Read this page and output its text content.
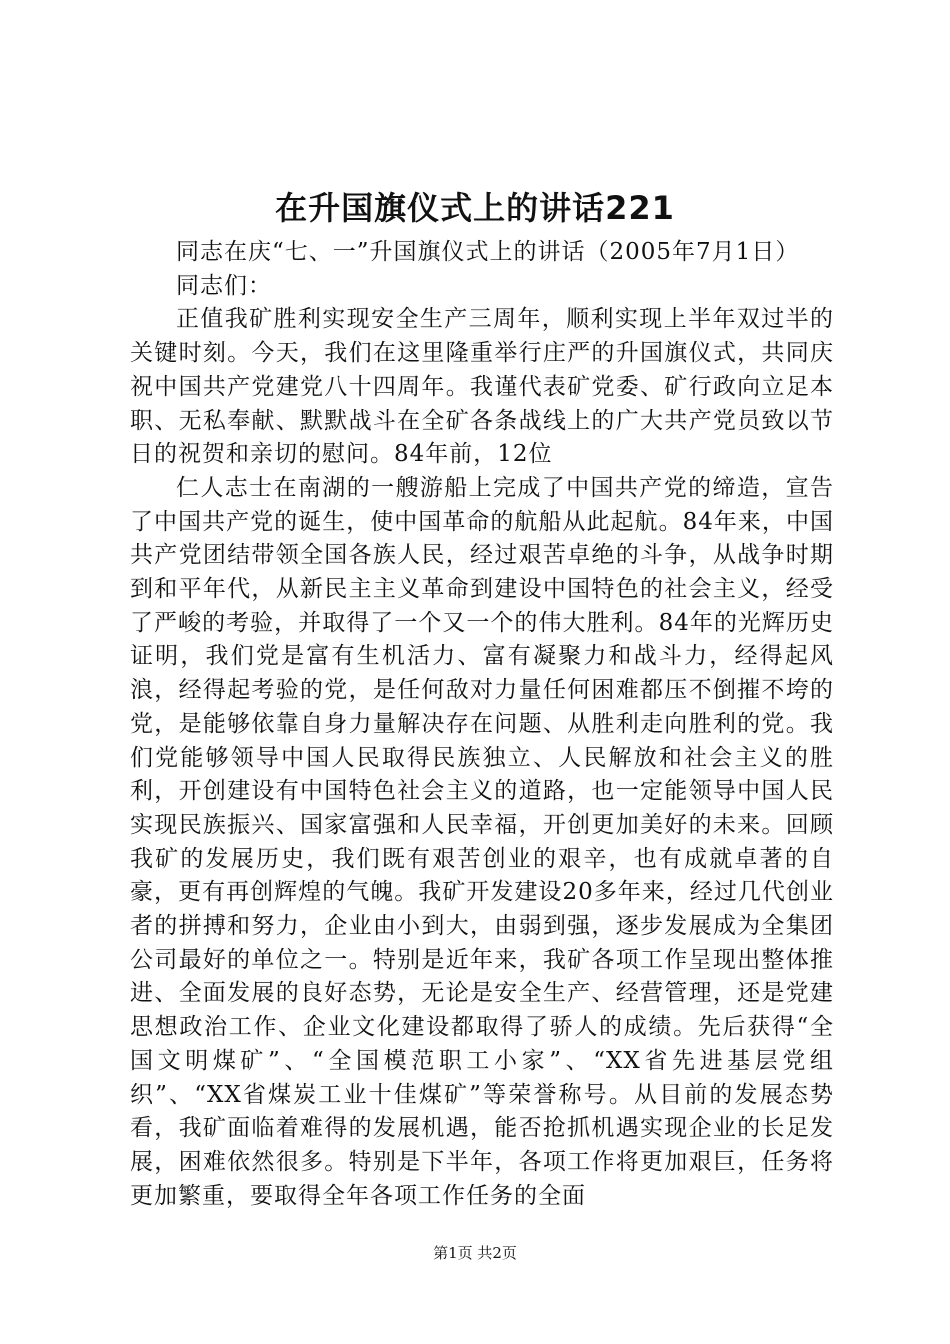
在升国旗仪式上的讲话221

同志在庆“七、一”升国旗仪式上的讲话（2005年7月1日）

同志们：

正值我矿胜利实现安全生产三周年，顺利实现上半年双过半的关键时刻。今天，我们在这里隆重举行庄严的升国旗仪式，共同庆祝中国共产党建党八十四周年。我谨代表矿党委、矿行政向立足本职、无私奉献、默默战斗在全矿各条战线上的广大共产党员致以节日的祝贺和亲切的慰问。84年前，12位

仁人志士在南湖的一艘游船上完成了中国共产党的缔造，宣告了中国共产党的诞生，使中国革命的航船从此起航。84年来，中国共产党团结带领全国各族人民，经过艰苦卓绝的斗争，从战争时期到和平年代，从新民主主义革命到建设中国特色的社会主义，经受了严峻的考验，并取得了一个又一个的伟大胜利。84年的光辉历史证明，我们党是富有生机活力、富有凝聚力和战斗力，经得起风浪，经得起考验的党，是任何敌对力量任何困难都压不倒摧不垮的党，是能够依靠自身力量解决存在问题、从胜利走向胜利的党。我们党能够领导中国人民取得民族独立、人民解放和社会主义的胜利，开创建设有中国特色社会主义的道路，也一定能领导中国人民实现民族振兴、国家富强和人民幸福，开创更加美好的未来。回顾我矿的发展历史，我们既有艰苦创业的艰辛，也有成就卓著的自豪，更有再创辉煌的气魄。我矿开发建设20多年来，经过几代创业者的拼搏和努力，企业由小到大，由弱到强，逐步发展成为全集团公司最好的单位之一。特别是近年来，我矿各项工作呈现出整体推进、全面发展的良好态势，无论是安全生产、经营管理，还是党建思想政治工作、企业文化建设都取得了骄人的成绩。先后获得“全国文明煤矿”、“全国模范职工小家”、“XX省先进基层党组织”、“XX省煤炭工业十佳煤矿”等荣誉称号。从目前的发展态势看，我矿面临着难得的发展机遇，能否抢抓机遇实现企业的长足发展，困难依然很多。特别是下半年，各项工作将更加艰巨，任务将更加繁重，要取得全年各项工作任务的全面

第1页 共2页
